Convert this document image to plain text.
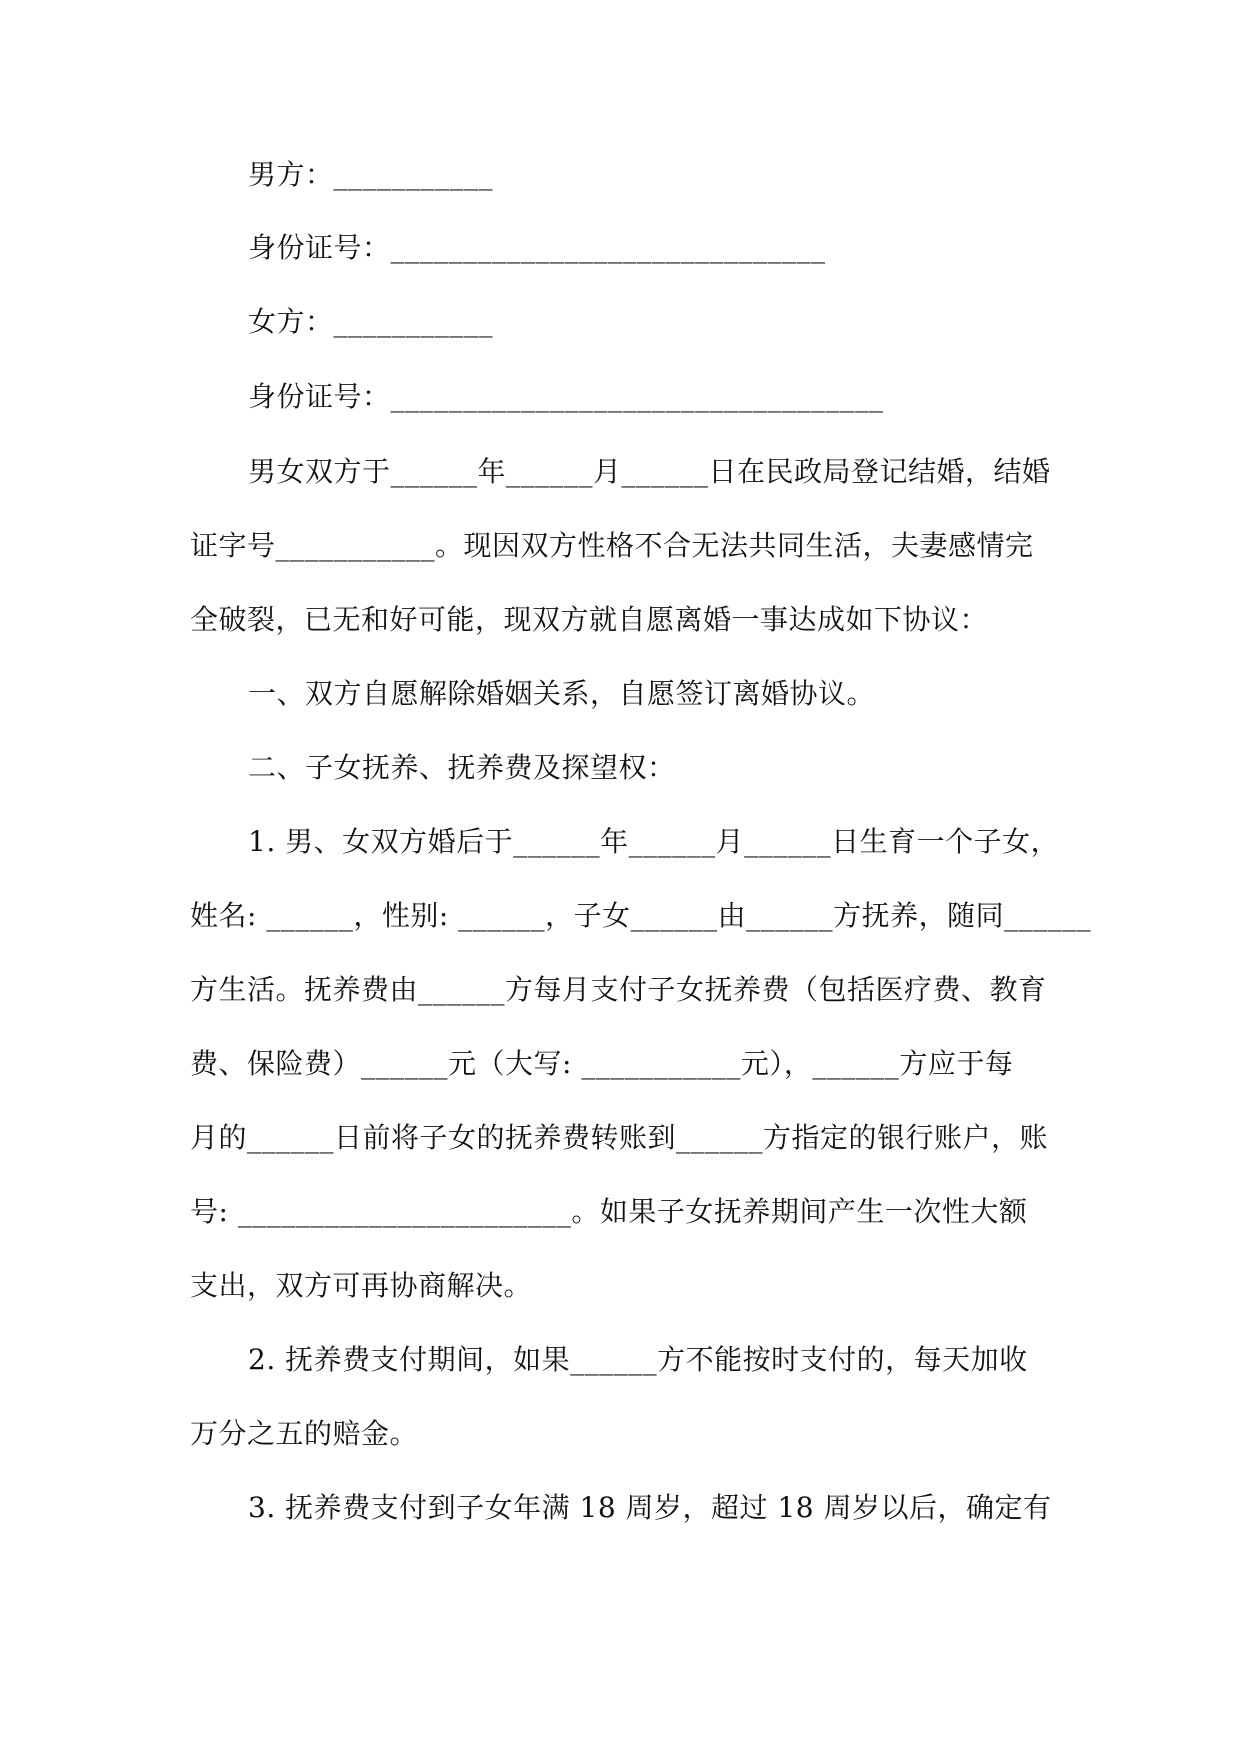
男方：___________
身份证号：______________________________
女方：___________
身份证号：__________________________________
男女双方于______年______月______日在民政局登记结婚，结婚
证字号___________。现因双方性格不合无法共同生活，夫妻感情完
全破裂，已无和好可能，现双方就自愿离婚一事达成如下协议：
一、双方自愿解除婚姻关系，自愿签订离婚协议。
二、子女抚养、抚养费及探望权：
1. 男、女双方婚后于______年______月______日生育一个子女，
姓名: ______，性别: ______，子女______由______方抚养，随同______
方生活。抚养费由______方每月支付子女抚养费（包括医疗费、教育
费、保险费）______元（大写: ___________元），______方应于每
月的______日前将子女的抚养费转账到______方指定的银行账户，账
号: _______________________。如果子女抚养期间产生一次性大额
支出，双方可再协商解决。
2. 抚养费支付期间，如果______方不能按时支付的，每天加收
万分之五的赔金。
3. 抚养费支付到子女年满 18 周岁，超过 18 周岁以后，确定有
